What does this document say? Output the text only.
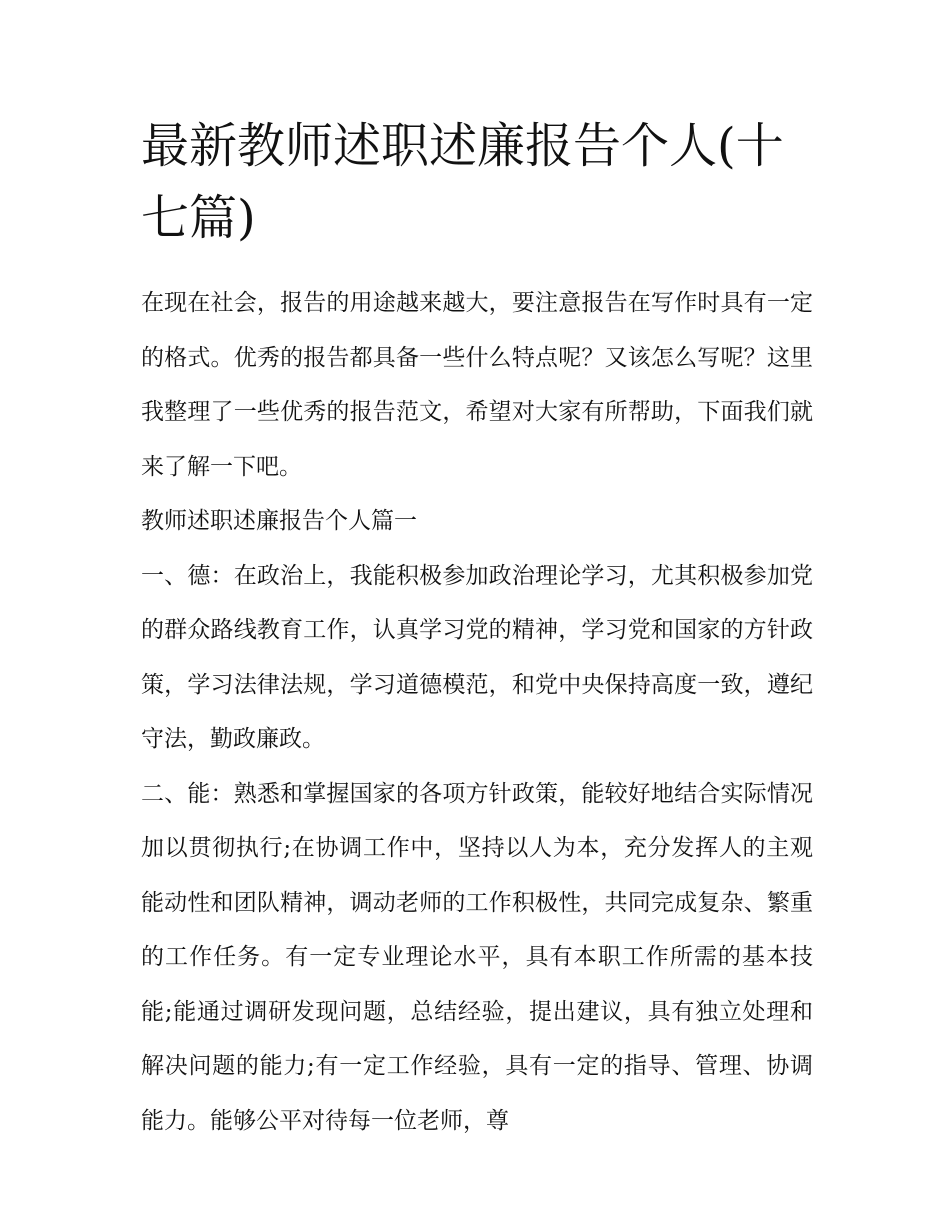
最新教师述职述廉报告个人(十七篇)

在现在社会，报告的用途越来越大，要注意报告在写作时具有一定的格式。优秀的报告都具备一些什么特点呢？又该怎么写呢？这里我整理了一些优秀的报告范文，希望对大家有所帮助，下面我们就来了解一下吧。

教师述职述廉报告个人篇一

一、德：在政治上，我能积极参加政治理论学习，尤其积极参加党的群众路线教育工作，认真学习党的精神，学习党和国家的方针政策，学习法律法规，学习道德模范，和党中央保持高度一致，遵纪守法，勤政廉政。

二、能：熟悉和掌握国家的各项方针政策，能较好地结合实际情况加以贯彻执行;在协调工作中，坚持以人为本，充分发挥人的主观能动性和团队精神，调动老师的工作积极性，共同完成复杂、繁重的工作任务。有一定专业理论水平，具有本职工作所需的基本技能;能通过调研发现问题，总结经验，提出建议，具有独立处理和解决问题的能力;有一定工作经验，具有一定的指导、管理、协调能力。能够公平对待每一位老师，尊
